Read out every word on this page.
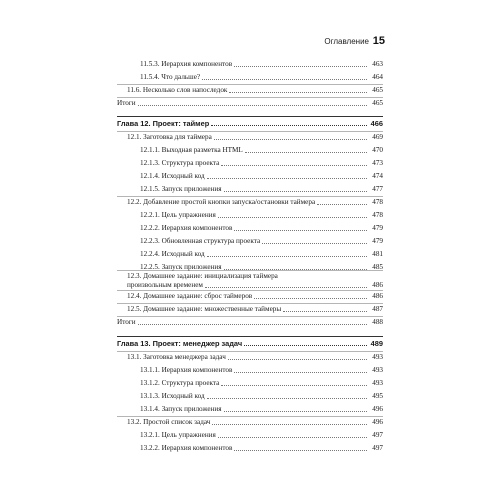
Оглавление 15
11.5.3. Иерархия компонентов	463
11.5.4. Что дальше?	464
11.6. Несколько слов напоследок	465
Итоги	465
Глава 12. Проект: таймер	466
12.1. Заготовка для таймера	469
12.1.1. Выходная разметка HTML	470
12.1.3. Структура проекта	473
12.1.4. Исходный код	474
12.1.5. Запуск приложения	477
12.2. Добавление простой кнопки запуска/остановки таймера	478
12.2.1. Цель упражнения	478
12.2.2. Иерархия компонентов	479
12.2.3. Обновленная структура проекта	479
12.2.4. Исходный код	481
12.2.5. Запуск приложения	485
12.3. Домашнее задание: инициализация таймера
произвольным временем	486
12.4. Домашнее задание: сброс таймеров	486
12.5. Домашнее задание: множественные таймеры	487
Итоги	488
Глава 13. Проект: менеджер задач	489
13.1. Заготовка менеджера задач	493
13.1.1. Иерархия компонентов	493
13.1.2. Структура проекта	493
13.1.3. Исходный код	495
13.1.4. Запуск приложения	496
13.2. Простой список задач	496
13.2.1. Цель упражнения	497
13.2.2. Иерархия компонентов	497
